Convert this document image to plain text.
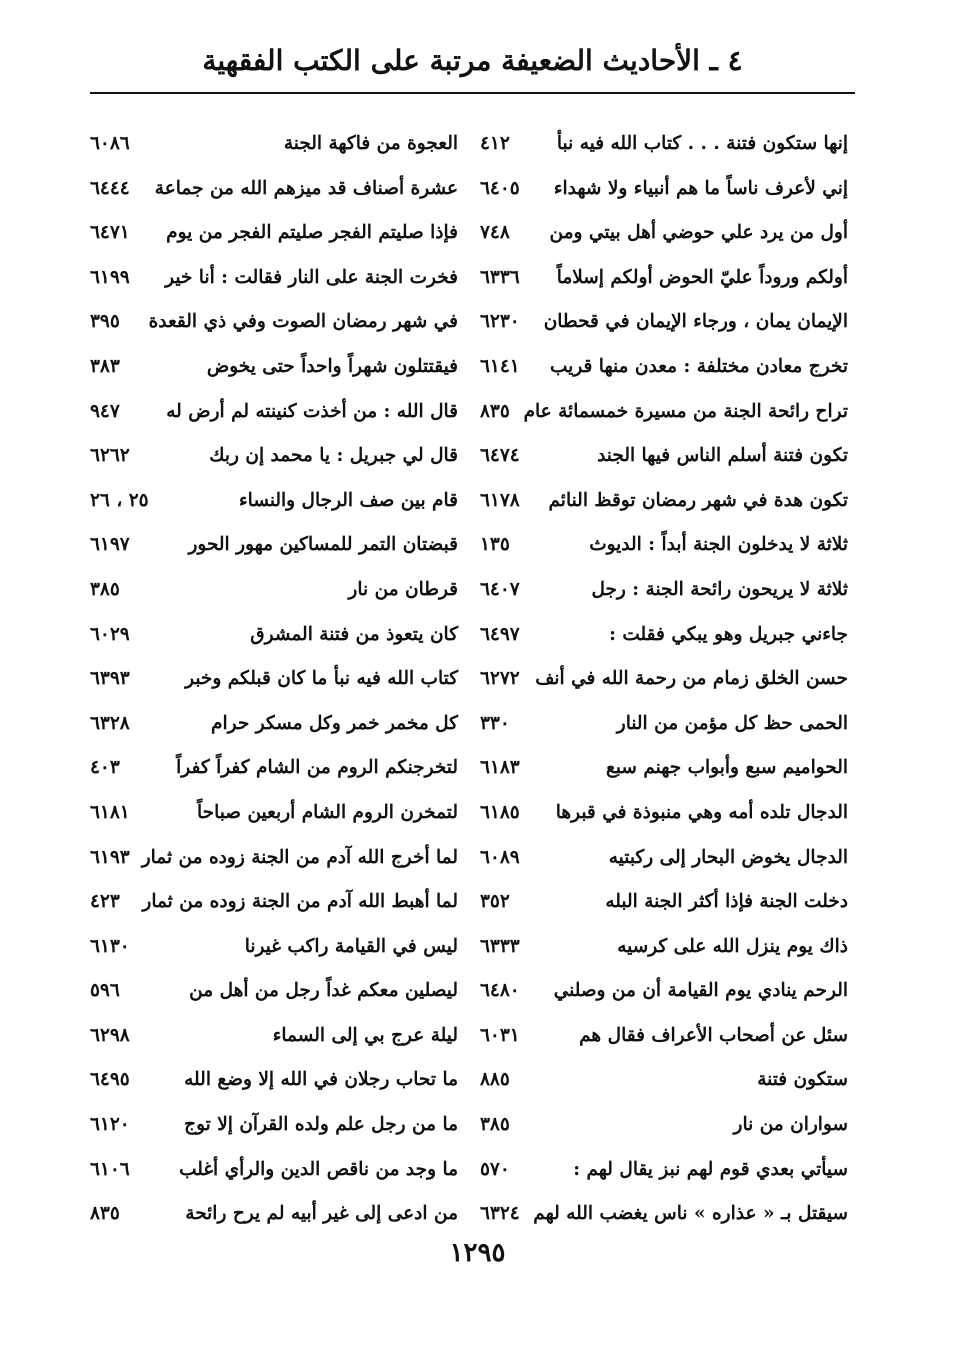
٤ ـ الأحاديث الضعيفة مرتبة على الكتب الفقهية
إنها ستكون فتنة . . . كتاب الله فيه نبأ
٤١٢
إني لأعرف ناساً ما هم أنبياء ولا شهداء
٦٤٠٥
أول من يرد علي حوضي أهل بيتي ومن
٧٤٨
أولكم وروداً عليّ الحوض أولكم إسلاماً
٦٣٣٦
الإيمان يمان ، ورجاء الإيمان في قحطان
٦٢٣٠
تخرج معادن مختلفة : معدن منها قريب
٦١٤١
تراح رائحة الجنة من مسيرة خمسمائة عام
٨٣٥
تكون فتنة أسلم الناس فيها الجند
٦٤٧٤
تكون هدة في شهر رمضان توقظ النائم
٦١٧٨
ثلاثة لا يدخلون الجنة أبداً : الديوث
١٣٥
ثلاثة لا يريحون رائحة الجنة : رجل
٦٤٠٧
جاءني جبريل وهو يبكي فقلت :
٦٤٩٧
حسن الخلق زمام من رحمة الله في أنف
٦٢٧٢
الحمى حظ كل مؤمن من النار
٣٣٠
الحواميم سبع وأبواب جهنم سبع
٦١٨٣
الدجال تلده أمه وهي منبوذة في قبرها
٦١٨٥
الدجال يخوض البحار إلى ركبتيه
٦٠٨٩
دخلت الجنة فإذا أكثر الجنة البله
٣٥٢
ذاك يوم ينزل الله على كرسيه
٦٣٣٣
الرحم ينادي يوم القيامة أن من وصلني
٦٤٨٠
سئل عن أصحاب الأعراف فقال هم
٦٠٣١
ستكون فتنة
٨٨٥
سواران من نار
٣٨٥
سيأتي بعدي قوم لهم نبز يقال لهم :
٥٧٠
سيقتل بـ « عذاره » ناس يغضب الله لهم
٦٣٢٤
العجوة من فاكهة الجنة
٦٠٨٦
عشرة أصناف قد ميزهم الله من جماعة
٦٤٤٤
فإذا صليتم الفجر صليتم الفجر من يوم
٦٤٧١
فخرت الجنة على النار فقالت : أنا خير
٦١٩٩
في شهر رمضان الصوت وفي ذي القعدة
٣٩٥
فيقتتلون شهراً واحداً حتى يخوض
٣٨٣
قال الله : من أخذت كنينته لم أرض له
٩٤٧
قال لي جبريل : يا محمد إن ربك
٦٢٦٢
قام بين صف الرجال والنساء
٢٥ ، ٢٦
قبضتان التمر للمساكين مهور الحور
٦١٩٧
قرطان من نار
٣٨٥
كان يتعوذ من فتنة المشرق
٦٠٢٩
كتاب الله فيه نبأ ما كان قبلكم وخبر
٦٣٩٣
كل مخمر خمر وكل مسكر حرام
٦٣٢٨
لتخرجنكم الروم من الشام كفراً كفراً
٤٠٣
لتمخرن الروم الشام أربعين صباحاً
٦١٨١
لما أخرج الله آدم من الجنة زوده من ثمار
٦١٩٣
لما أهبط الله آدم من الجنة زوده من ثمار
٤٢٣
ليس في القيامة راكب غيرنا
٦١٣٠
ليصلين معكم غداً رجل من أهل من
٥٩٦
ليلة عرج بي إلى السماء
٦٢٩٨
ما تحاب رجلان في الله إلا وضع الله
٦٤٩٥
ما من رجل علم ولده القرآن إلا توج
٦١٢٠
ما وجد من ناقص الدين والرأي أغلب
٦١٠٦
من ادعى إلى غير أبيه لم يرح رائحة
٨٣٥
١٢٩٥
